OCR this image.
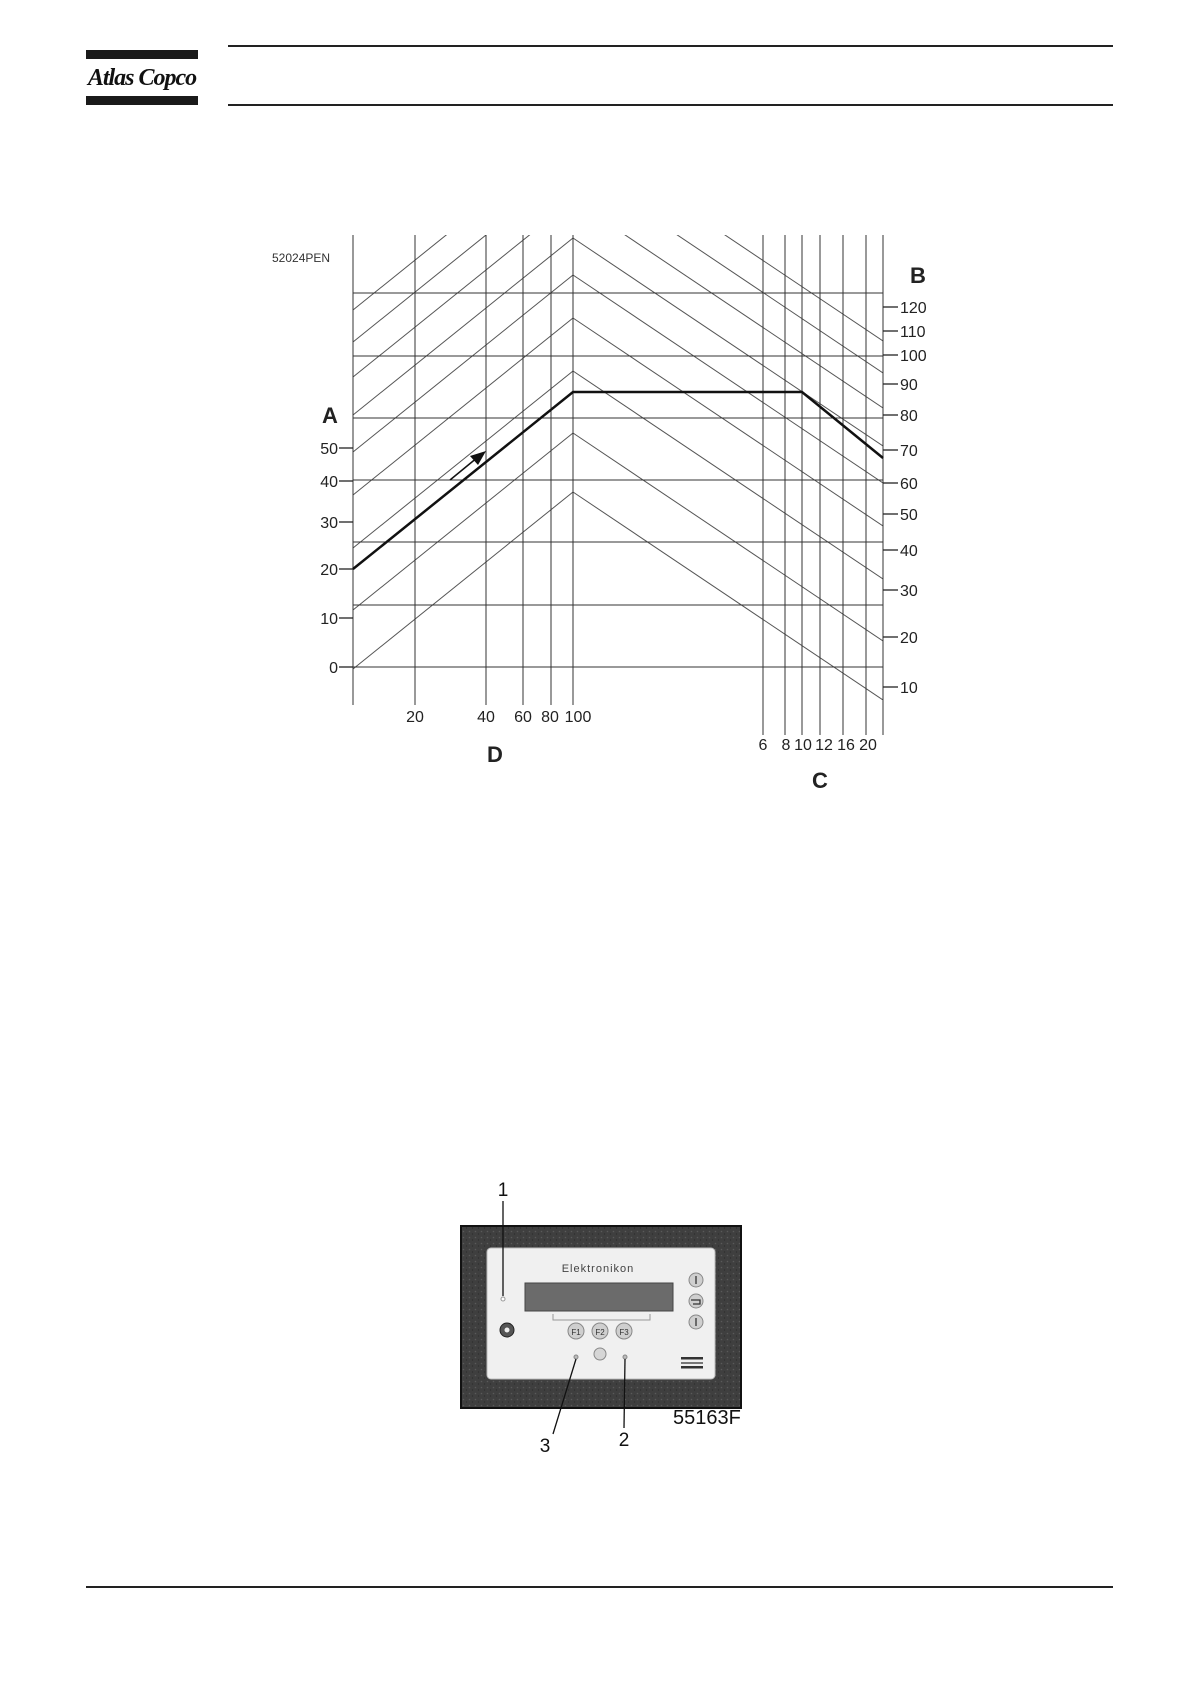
Atlas Copco
52024PEN
A
B
C
D
50
40
30
20
10
0
120
110
100
90
80
70
60
50
40
30
20
10
20	40 60 80 100
6 8 10 12 16 20
Elektronikon
F1 F2 F3
1
2
3
55163F
